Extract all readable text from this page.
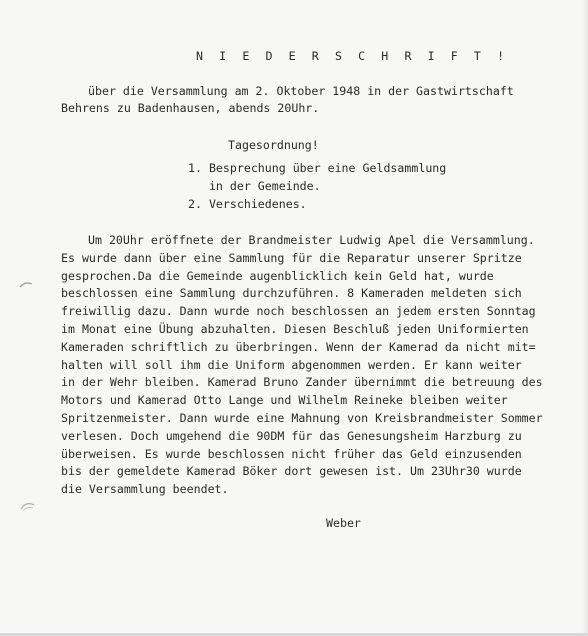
N I E D E R S C H R I F T !
über die Versammlung am 2. Oktober 1948 in der Gastwirtschaft
Behrens zu Badenhausen, abends 20Uhr.
Tagesordnung!
1. Besprechung über eine Geldsammlung
in der Gemeinde.
2. Verschiedenes.
Um 20Uhr eröffnete der Brandmeister Ludwig Apel die Versammlung.
Es wurde dann über eine Sammlung für die Reparatur unserer Spritze
gesprochen.Da die Gemeinde augenblicklich kein Geld hat, wurde
beschlossen eine Sammlung durchzuführen. 8 Kameraden meldeten sich
freiwillig dazu. Dann wurde noch beschlossen an jedem ersten Sonntag
im Monat eine Übung abzuhalten. Diesen Beschluß jeden Uniformierten
Kameraden schriftlich zu überbringen. Wenn der Kamerad da nicht mit=
halten will soll ihm die Uniform abgenommen werden. Er kann weiter
in der Wehr bleiben. Kamerad Bruno Zander übernimmt die betreuung des
Motors und Kamerad Otto Lange und Wilhelm Reineke bleiben weiter
Spritzenmeister. Dann wurde eine Mahnung von Kreisbrandmeister Sommer
verlesen. Doch umgehend die 90DM für das Genesungsheim Harzburg zu
überweisen. Es wurde beschlossen nicht früher das Geld einzusenden
bis der gemeldete Kamerad Böker dort gewesen ist. Um 23Uhr30 wurde
die Versammlung beendet.
Weber
